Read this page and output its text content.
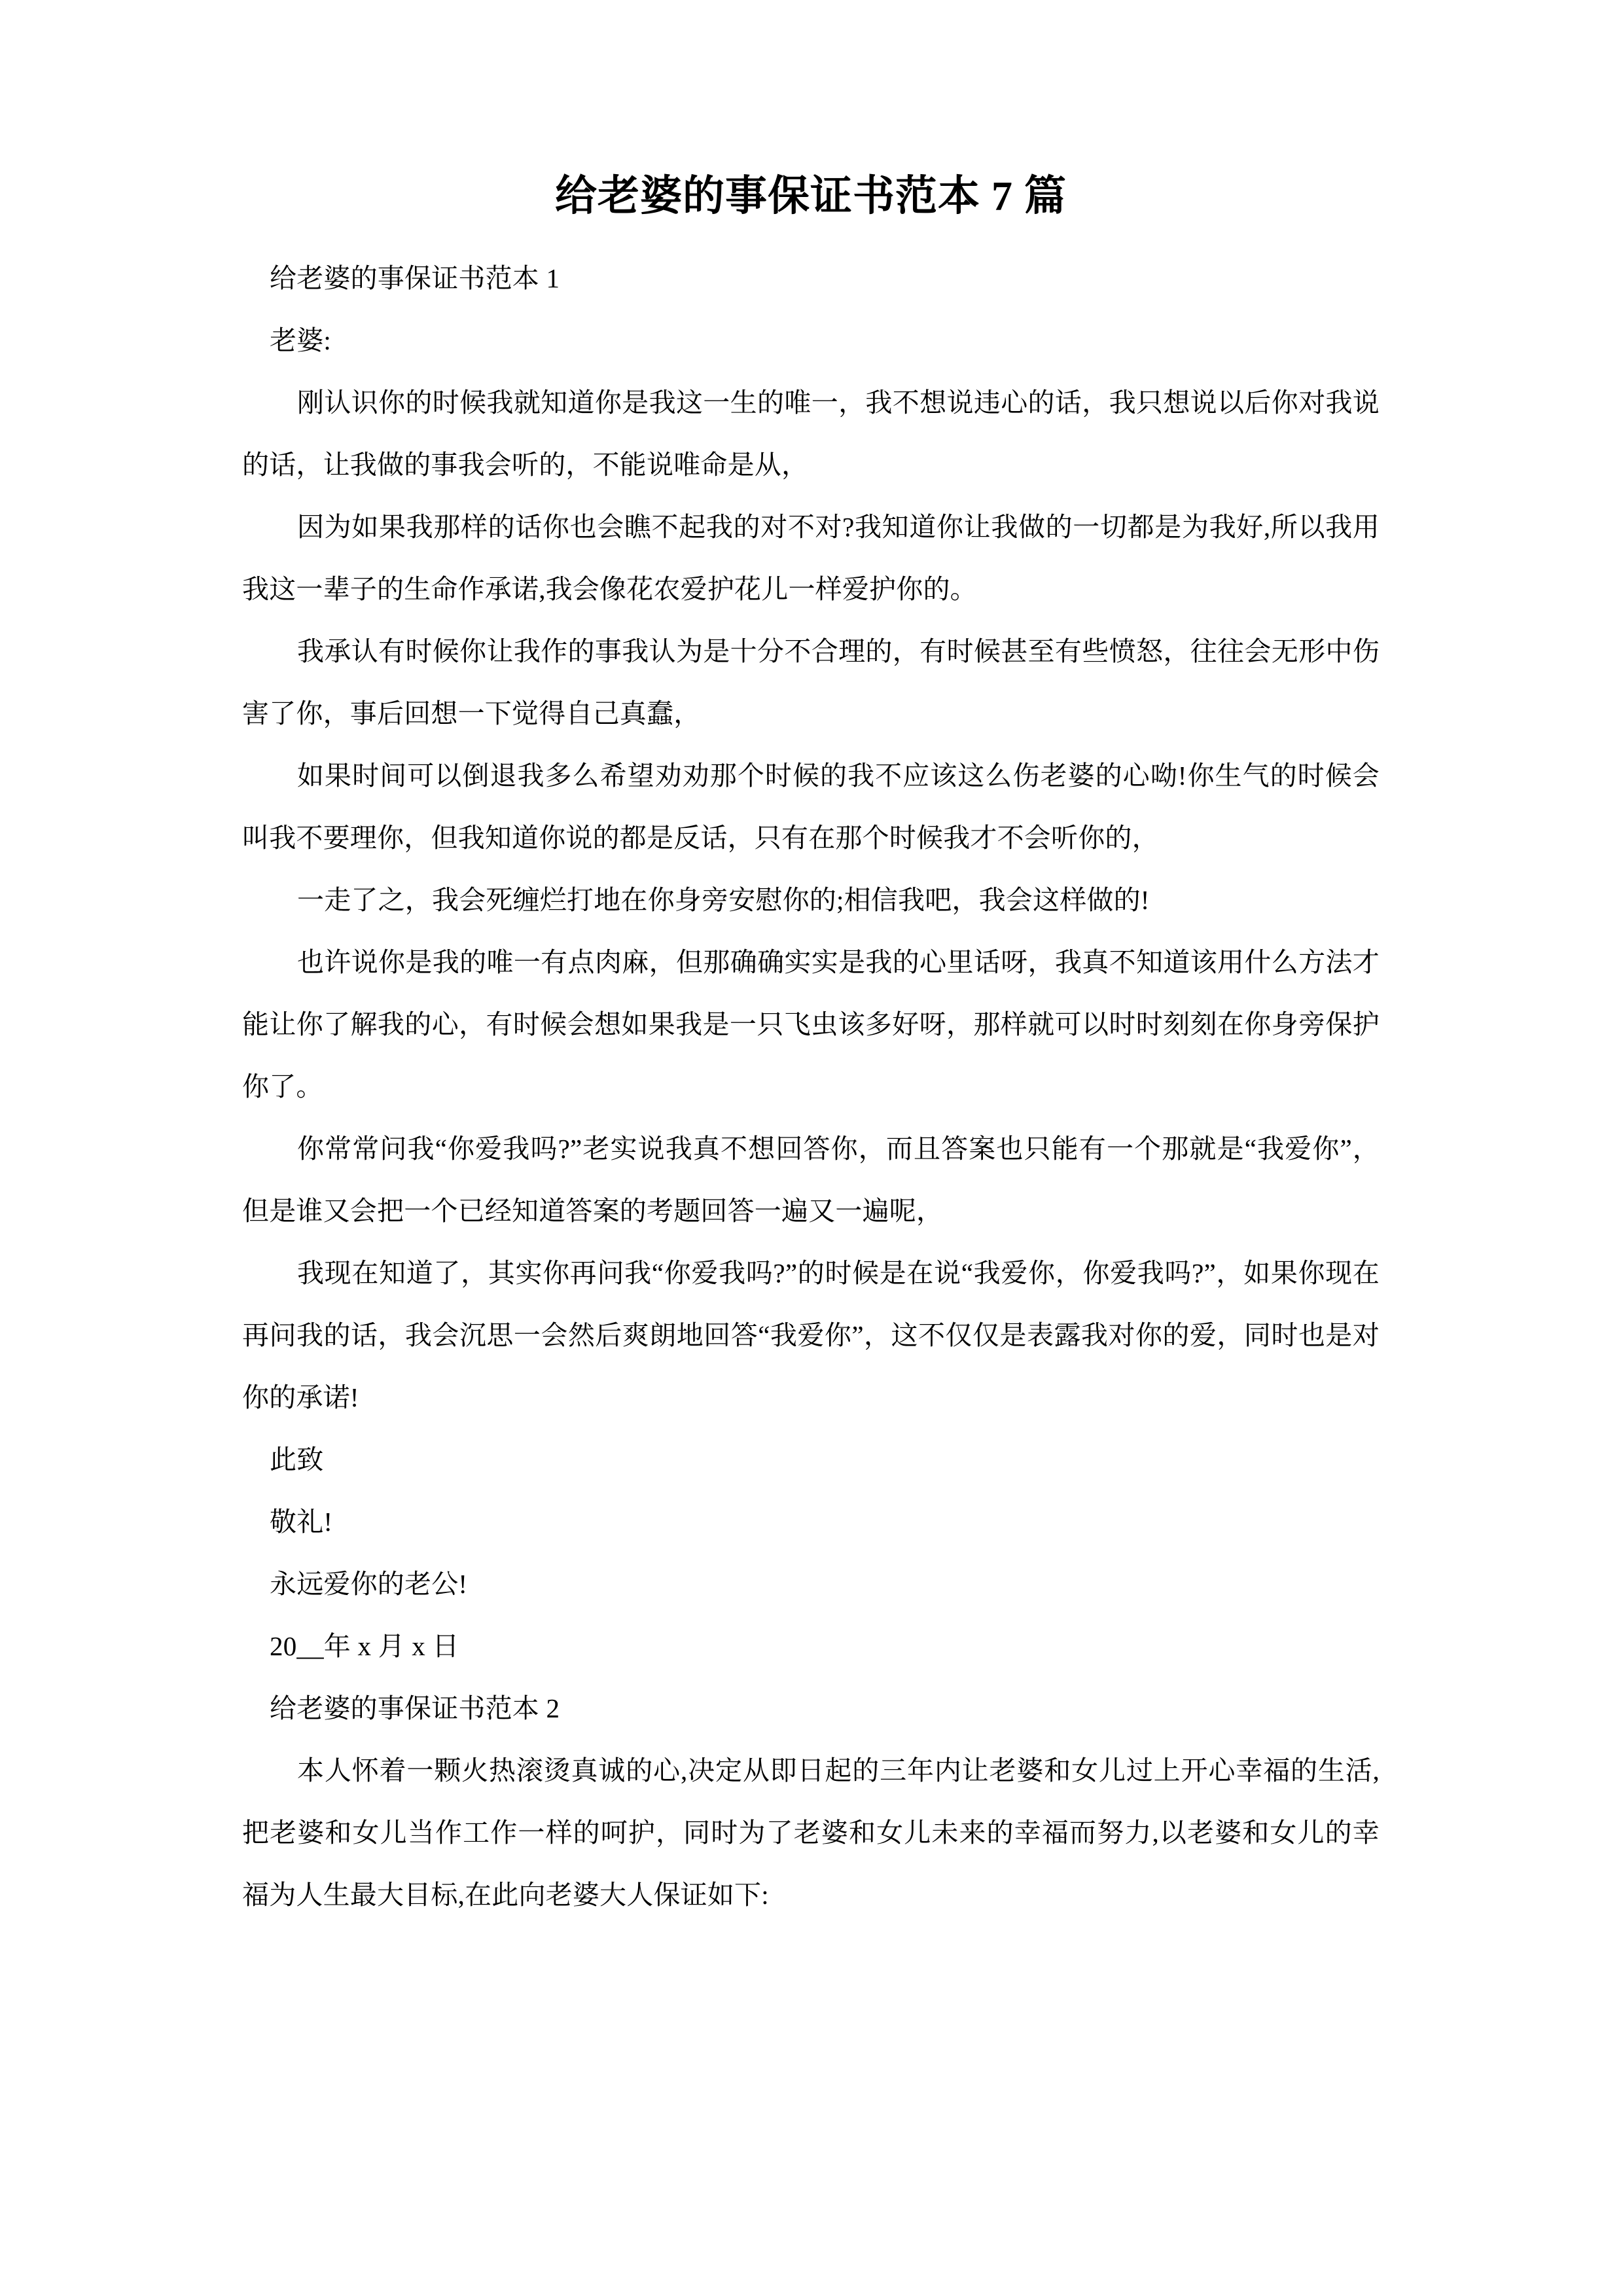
给老婆的事保证书范本 7 篇

给老婆的事保证书范本 1

老婆:

刚认识你的时候我就知道你是我这一生的唯一，我不想说违心的话，我只想说以后你对我说的话，让我做的事我会听的，不能说唯命是从，

因为如果我那样的话你也会瞧不起我的对不对?我知道你让我做的一切都是为我好,所以我用我这一辈子的生命作承诺,我会像花农爱护花儿一样爱护你的。

我承认有时候你让我作的事我认为是十分不合理的，有时候甚至有些愤怒，往往会无形中伤害了你，事后回想一下觉得自己真蠢，

如果时间可以倒退我多么希望劝劝那个时候的我不应该这么伤老婆的心呦!你生气的时候会叫我不要理你，但我知道你说的都是反话，只有在那个时候我才不会听你的，

一走了之，我会死缠烂打地在你身旁安慰你的;相信我吧，我会这样做的!

也许说你是我的唯一有点肉麻，但那确确实实是我的心里话呀，我真不知道该用什么方法才能让你了解我的心，有时候会想如果我是一只飞虫该多好呀，那样就可以时时刻刻在你身旁保护你了。

你常常问我“你爱我吗?”老实说我真不想回答你，而且答案也只能有一个那就是“我爱你”，但是谁又会把一个已经知道答案的考题回答一遍又一遍呢，

我现在知道了，其实你再问我“你爱我吗?”的时候是在说“我爱你，你爱我吗?”，如果你现在再问我的话，我会沉思一会然后爽朗地回答“我爱你”，这不仅仅是表露我对你的爱，同时也是对你的承诺!

此致

敬礼!

永远爱你的老公!

20__年 x 月 x 日

给老婆的事保证书范本 2

本人怀着一颗火热滚烫真诚的心,决定从即日起的三年内让老婆和女儿过上开心幸福的生活,把老婆和女儿当作工作一样的呵护，同时为了老婆和女儿未来的幸福而努力,以老婆和女儿的幸福为人生最大目标,在此向老婆大人保证如下:
